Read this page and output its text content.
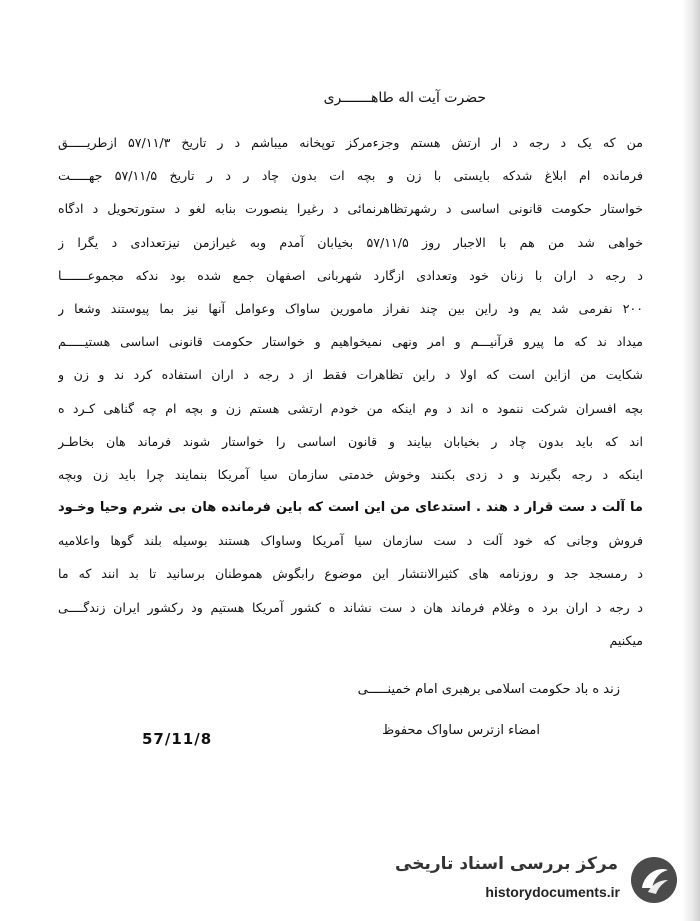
حضرت آیت اله طاهـــــــری
من که یک د رجه د ار ارتش هستم وجزءمرکز توپخانه میباشم د ر تاریخ ۵۷/۱۱/۳ ازطریـــــق
فرمانده ام ابلاغ شدکه بایستی با زن و بچه ات بدون چاد ر د ر تاریخ ۵۷/۱۱/۵ جهـــــت
خواستار حکومت قانونی اساسی د رشهرتظاهرنمائی د رغیرا ینصورت بنابه لغو د ستورتحویل د ادگاه
خواهی شد من هم با الاجبار روز ۵۷/۱۱/۵ بخیابان آمدم وبه غیرازمن نیزتعدادی د یگرا ز
د رجه د اران با زنان خود وتعدادی ازگارد شهربانی اصفهان جمع شده بود ندکه مجموعـــــــا
۲۰۰ نفرمی شد یم ود راین بین چند نفراز مامورین ساواک وعوامل آنها نیز بما پیوستند وشعا ر
میداد ند که ما پیرو قرآنیـــم و امر ونهی نمیخواهیم و خواستار حکومت قانونی اساسی هستیـــــم
شکایت من ازاین است که اولا د راین تظاهرات فقط از د رجه د اران استفاده کرد ند و زن و
بچه افسران شرکت ننمود ه اند د وم اینکه من خودم ارتشی هستم زن و بچه ام چه گناهی کـرد ه
اند که باید بدون چاد ر بخیابان بیایند و قانون اساسی را خواستار شوند فرماند هان بخاطـر
اینکه د رجه بگیرند و د زدی بکنند وخوش خدمتی سازمان سیا آمریکا بنمایند چرا باید زن وبچه
ما آلت د ست قرار د هند . استدعای من این است که باین فرمانده هان بی شرم وحیا وخـود
فروش وجانی که خود آلت د ست سازمان سیا آمریکا وساواک هستند بوسیله بلند گوها واعلامیه
د رمسجد جد و روزنامه های کثیرالانتشار این موضوع رابگوش هموطنان برسانید تا بد انند که ما
د رجه د اران برد ه وغلام فرماند هان د ست نشاند ه کشور آمریکا هستیم ود رکشور ایران زندگــــی
میکنیم
زند ه باد حکومت اسلامی برهبری امام خمینـــــی
امضاء ازترس ساواک محفوظ
57/11/8
مرکز بررسی اسناد تاریخی
historydocuments.ir
